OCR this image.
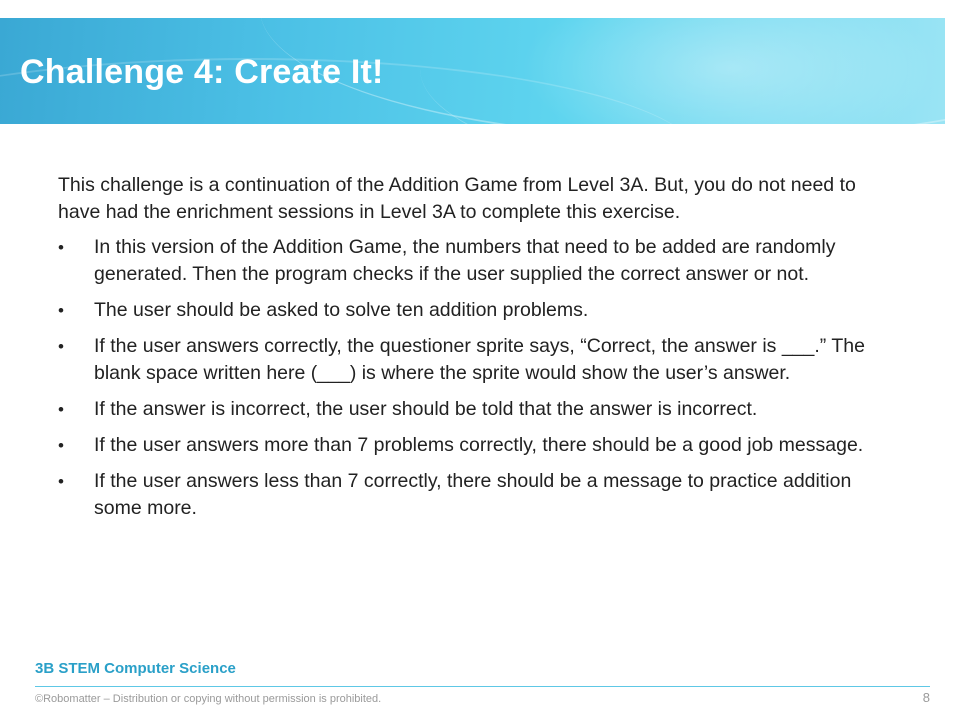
Challenge 4: Create It!

This challenge is a continuation of the Addition Game from Level 3A. But, you do not need to have had the enrichment sessions in Level 3A to complete this exercise.

• In this version of the Addition Game, the numbers that need to be added are randomly generated. Then the program checks if the user supplied the correct answer or not.
• The user should be asked to solve ten addition problems.
• If the user answers correctly, the questioner sprite says, “Correct, the answer is ___.” The blank space written here (___) is where the sprite would show the user’s answer.
• If the answer is incorrect, the user should be told that the answer is incorrect.
• If the user answers more than 7 problems correctly, there should be a good job message.
• If the user answers less than 7 correctly, there should be a message to practice addition some more.
3B STEM Computer Science
©Robomatter – Distribution or copying without permission is prohibited.	8
